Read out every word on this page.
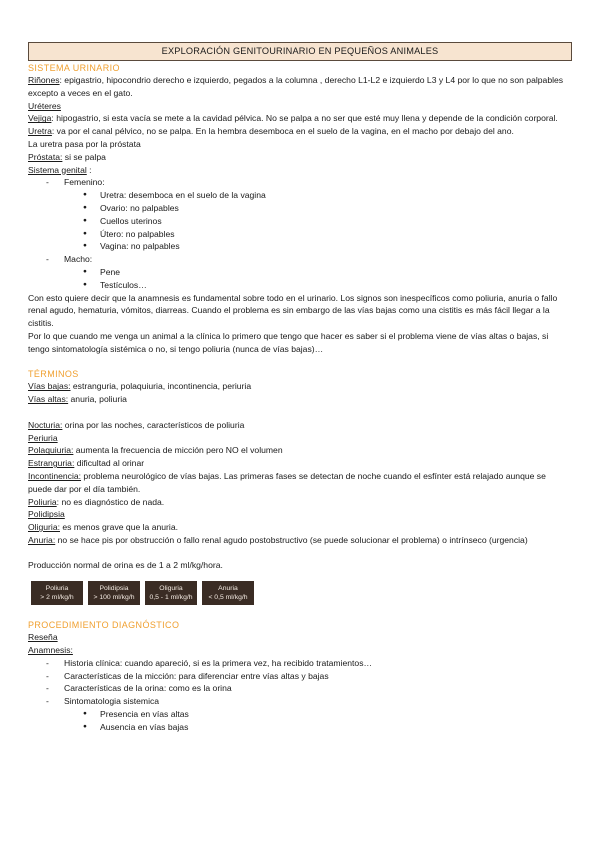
EXPLORACIÓN GENITOURINARIO EN PEQUEÑOS ANIMALES
SISTEMA URINARIO

Riñones: epigastrio, hipocondrio derecho e izquierdo, pegados a la columna , derecho L1-L2 e izquierdo L3 y L4 por lo que no son palpables excepto a veces en el gato.

Uréteres

Vejiga: hipogastrio, si esta vacía se mete a la cavidad pélvica. No se palpa a no ser que esté muy llena y depende de la condición corporal.

Uretra: va por el canal pélvico, no se palpa. En la hembra desemboca en el suelo de la vagina, en el macho por debajo del ano.

La uretra pasa por la próstata

Próstata: si se palpa

Sistema genital :

- Femenino:
● Uretra: desemboca en el suelo de la vagina
● Ovario: no palpables
● Cuellos uterinos
● Útero: no palpables
● Vagina: no palpables
- Macho:
● Pene
● Testículos…

Con esto quiere decir que la anamnesis es fundamental sobre todo en el urinario. Los signos son inespecíficos como poliuria, anuria o fallo renal agudo, hematuria, vómitos, diarreas. Cuando el problema es sin embargo de las vías bajas como una cistitis es más fácil llegar a la cistitis.

Por lo que cuando me venga un animal a la clínica lo primero que tengo que hacer es saber si el problema viene de vías altas o bajas, si tengo sintomatología sistémica o no, si tengo poliuria (nunca de vías bajas)…

TÉRMINOS

Vías bajas: estranguria, polaquiuria, incontinencia, periuria

Vías altas: anuria, poliuria

Nocturia: orina por las noches, característicos de poliuria

Periuria

Polaquiuria: aumenta la frecuencia de micción pero NO el volumen

Estranguria: dificultad al orinar

Incontinencia: problema neurológico de vías bajas. Las primeras fases se detectan de noche cuando el esfínter está relajado aunque se puede dar por el día también.

Poliuria: no es diagnóstico de nada.

Polidipsia

Oliguria: es menos grave que la anuria.

Anuria: no se hace pis por obstrucción o fallo renal agudo postobstructivo (se puede solucionar el problema) o intrínseco (urgencia)

Producción normal de orina es de 1 a 2 ml/kg/hora.

Poliuria
> 2 ml/kg/h
Polidipsia
> 100 ml/kg/h
Oliguria
0,5 - 1 ml/kg/h
Anuria
< 0,5 ml/kg/h
PROCEDIMIENTO DIAGNÓSTICO

Reseña

Anamnesis:

- Historia clínica: cuando apareció, si es la primera vez, ha recibido tratamientos…
- Características de la micción: para diferenciar entre vías altas y bajas
- Características de la orina: como es la orina
- Sintomatologia sistemica
● Presencia en vías altas
● Ausencia en vías bajas
